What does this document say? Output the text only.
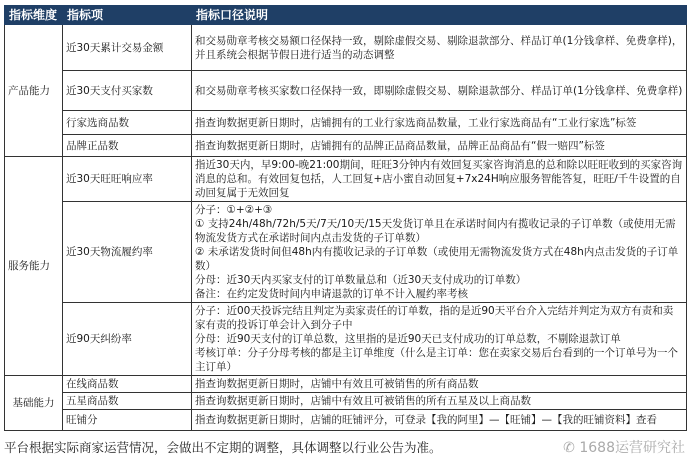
指标维度	指标项	指标口径说明
产品能力	近30天累计交易金额	和交易勋章考核交易额口径保持一致，剔除虚假交易、剔除退款部分、样品订单(1分钱拿样、免费拿样)，并且系统会根据节假日进行适当的动态调整

	近30天支付买家数	和交易勋章考核买家数口径保持一致，即剔除虚假交易、剔除退款部分、样品订单(1分钱拿样、免费拿样)

	行家选商品数	指查询数据更新日期时，店铺拥有的工业行家选商品数量，工业行家选商品有“工业行家选”标签

	品牌正品数	指查询数据更新日期时，店铺拥有的品牌正品商品数量，品牌正品商品有“假一赔四”标签

服务能力	近30天旺旺响应率	指近30天内，早9:00-晚21:00期间，旺旺3分钟内有效回复买家咨询消息的总和除以旺旺收到的买家咨询消息的总和。有效回复包括，人工回复+店小蜜自动回复+7x24H响应服务智能答复，旺旺/千牛设置的自动回复属于无效回复

	近30天物流履约率	分子：①+②+③
① 支持24h/48h/72h/5天/7天/10天/15天发货订单且在承诺时间内有揽收记录的子订单数（或使用无需物流发货方式在承诺时间内点击发货的子订单数）
② 未承诺发货时间但48h内有揽收记录的子订单数（或使用无需物流发货方式在48h内点击发货的子订单数）
分母：近30天内买家支付的订单数量总和（近30天支付成功的订单数）
备注：在约定发货时间内申请退款的订单不计入履约率考核

	近90天纠纷率	分子：近00天投诉完结且判定为卖家责任的订单数，指的是近90天平台介入完结并判定为双方有责和卖家有责的投诉订单会计入到分子中
分母：近90天支付的订单总数，这里指的是近90天已支付成功的订单总数，不剔除退款订单
考核订单：分子分母考核的都是主订单维度（什么是主订单：您在卖家交易后台看到的一个订单号为一个主订单）

基础能力	在线商品数	指查询数据更新日期时，店铺中有效且可被销售的所有商品数

	五星商品数	指查询数据更新日期时，店铺中有效且可被销售的所有五星及以上商品数

	旺铺分	指查询数据更新日期时，店铺的旺铺评分，可登录【我的阿里】—【旺铺】—【我的旺铺资料】查看
平台根据实际商家运营情况，会做出不定期的调整，具体调整以行业公告为准。	✆ 1688运营研究社
